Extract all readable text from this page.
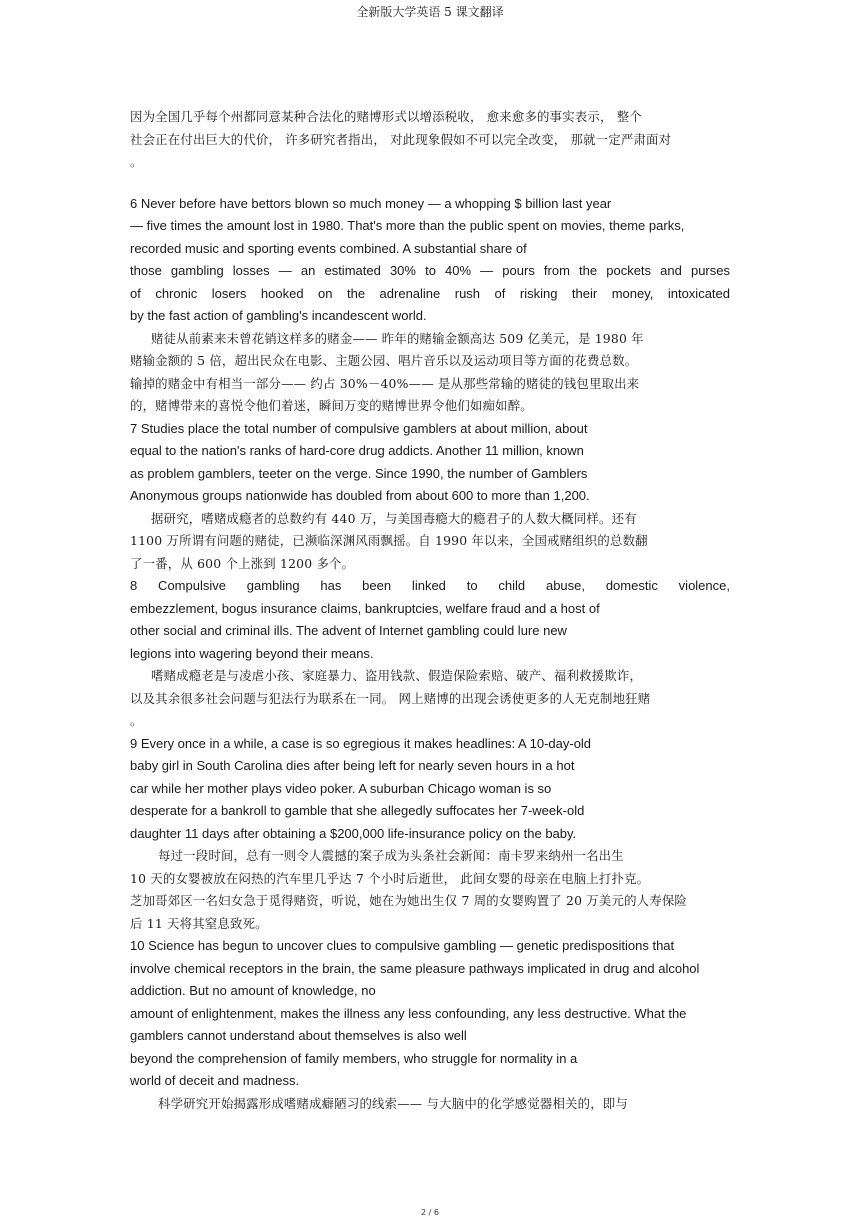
全新版大学英语 5 课文翻译
因为全国几乎每个州都同意某种合法化的赌博形式以增添税收， 愈来愈多的事实表示， 整个
社会正在付出巨大的代价， 许多研究者指出， 对此现象假如不可以完全改变， 那就一定严肃面对
。
6 Never before have bettors blown so much money — a whopping $ billion last year
— five times the amount lost in 1980. That's more than the public spent on movies, theme parks,
recorded music and sporting events combined. A substantial share of
those gambling losses — an estimated 30% to 40% — pours from the pockets and purses
of chronic losers hooked on the adrenaline rush of risking their money, intoxicated
by the fast action of gambling's incandescent world.
赌徒从前素来未曾花销这样多的赌金—— 昨年的赌输金额高达 509 亿美元，是 1980 年
赌输金额的 5 倍，超出民众在电影、主题公园、唱片音乐以及运动项目等方面的花费总数。
输掉的赌金中有相当一部分—— 约占 30%－40%—— 是从那些常输的赌徒的钱包里取出来
的，赌博带来的喜悦令他们着迷，瞬间万变的赌博世界令他们如痴如醉。
7 Studies place the total number of compulsive gamblers at about million, about
equal to the nation's ranks of hard-core drug addicts. Another 11 million, known
as problem gamblers, teeter on the verge. Since 1990, the number of Gamblers
Anonymous groups nationwide has doubled from about 600 to more than 1,200.
据研究，嗜赌成瘾者的总数约有 440 万，与美国毒瘾大的瘾君子的人数大概同样。还有
1100 万所谓有问题的赌徒，已濒临深渊风雨飘摇。自 1990 年以来，全国戒赌组织的总数翻
了一番，从 600 个上涨到 1200 多个。
8 Compulsive gambling has been linked to child abuse, domestic violence,
embezzlement, bogus insurance claims, bankruptcies, welfare fraud and a host of
other social and criminal ills. The advent of Internet gambling could lure new
legions into wagering beyond their means.
嗜赌成瘾老是与凌虐小孩、家庭暴力、盗用钱款、假造保险索赔、破产、福利救援欺诈，
以及其余很多社会问题与犯法行为联系在一同。 网上赌博的出现会诱使更多的人无克制地狂赌
。
9 Every once in a while, a case is so egregious it makes headlines: A 10-day-old
baby girl in South Carolina dies after being left for nearly seven hours in a hot
car while her mother plays video poker. A suburban Chicago woman is so
desperate for a bankroll to gamble that she allegedly suffocates her 7-week-old
daughter 11 days after obtaining a $200,000 life-insurance policy on the baby.
每过一段时间，总有一则令人震撼的案子成为头条社会新闻：南卡罗来纳州一名出生
10 天的女婴被放在闷热的汽车里几乎达 7 个小时后逝世， 此间女婴的母亲在电脑上打扑克。
芝加哥郊区一名妇女急于觅得赌资，听说，她在为她出生仅 7 周的女婴购置了 20 万美元的人寿保险
后 11 天将其窒息致死。
10 Science has begun to uncover clues to compulsive gambling — genetic predispositions that
involve chemical receptors in the brain, the same pleasure pathways implicated in drug and alcohol
addiction. But no amount of knowledge, no
amount of enlightenment, makes the illness any less confounding, any less destructive. What the
gamblers cannot understand about themselves is also well
beyond the comprehension of family members, who struggle for normality in a
world of deceit and madness.
科学研究开始揭露形成嗜赌成癖陋习的线索—— 与大脑中的化学感觉器相关的，即与
2 / 6
